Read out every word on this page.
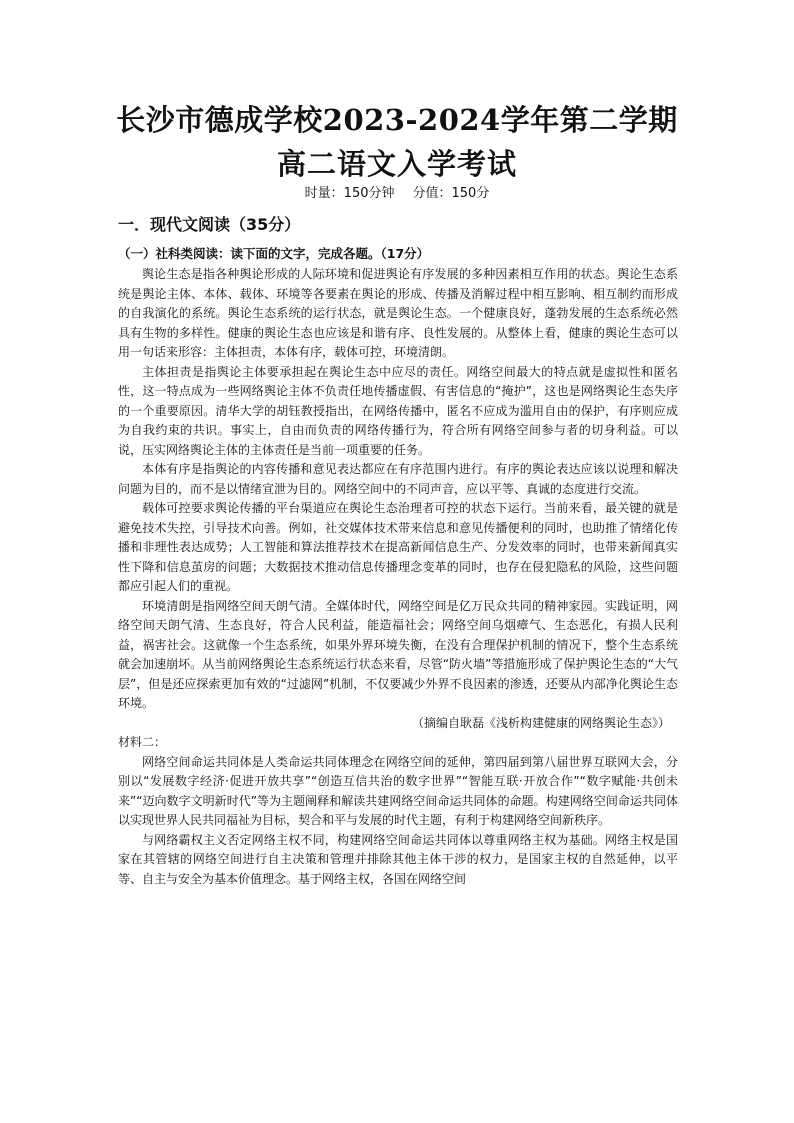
长沙市德成学校2023-2024学年第二学期
高二语文入学考试
时量：150分钟 分值：150分
一．现代文阅读（35分）
（一）社科类阅读：读下面的文字，完成各题。（17分）

舆论生态是指各种舆论形成的人际环境和促进舆论有序发展的多种因素相互作用的状态。舆论生态系统是舆论主体、本体、载体、环境等各要素在舆论的形成、传播及消解过程中相互影响、相互制约而形成的自我演化的系统。舆论生态系统的运行状态，就是舆论生态。一个健康良好，蓬勃发展的生态系统必然具有生物的多样性。健康的舆论生态也应该是和谐有序、良性发展的。从整体上看，健康的舆论生态可以用一句话来形容：主体担责，本体有序，载体可控，环境清朗。

主体担责是指舆论主体要承担起在舆论生态中应尽的责任。网络空间最大的特点就是虚拟性和匿名性，这一特点成为一些网络舆论主体不负责任地传播虚假、有害信息的“掩护”，这也是网络舆论生态失序的一个重要原因。清华大学的胡钰教授指出，在网络传播中，匿名不应成为滥用自由的保护，有序则应成为自我约束的共识。事实上，自由而负责的网络传播行为，符合所有网络空间参与者的切身利益。可以说，压实网络舆论主体的主体责任是当前一项重要的任务。

本体有序是指舆论的内容传播和意见表达都应在有序范围内进行。有序的舆论表达应该以说理和解决问题为目的，而不是以情绪宣泄为目的。网络空间中的不同声音，应以平等、真诚的态度进行交流。

载体可控要求舆论传播的平台渠道应在舆论生态治理者可控的状态下运行。当前来看，最关键的就是避免技术失控，引导技术向善。例如，社交媒体技术带来信息和意见传播便利的同时，也助推了情绪化传播和非理性表达成势；人工智能和算法推荐技术在提高新闻信息生产、分发效率的同时，也带来新闻真实性下降和信息茧房的问题；大数据技术推动信息传播理念变革的同时，也存在侵犯隐私的风险，这些问题都应引起人们的重视。

环境清朗是指网络空间天朗气清。全媒体时代，网络空间是亿万民众共同的精神家园。实践证明，网络空间天朗气清、生态良好，符合人民利益，能造福社会；网络空间乌烟瘴气、生态恶化，有损人民利益，祸害社会。这就像一个生态系统，如果外界环境失衡，在没有合理保护机制的情况下，整个生态系统就会加速崩坏。从当前网络舆论生态系统运行状态来看，尽管“防火墙”等措施形成了保护舆论生态的“大气层”，但是还应探索更加有效的“过滤网”机制，不仅要减少外界不良因素的渗透，还要从内部净化舆论生态环境。

（摘编自耿磊《浅析构建健康的网络舆论生态》）

材料二：

网络空间命运共同体是人类命运共同体理念在网络空间的延伸，第四届到第八届世界互联网大会，分别以“发展数字经济·促进开放共享”“创造互信共治的数字世界”“智能互联·开放合作”“数字赋能·共创未来”“迈向数字文明新时代”等为主题阐释和解读共建网络空间命运共同体的命题。构建网络空间命运共同体以实现世界人民共同福祉为目标，契合和平与发展的时代主题，有利于构建网络空间新秩序。

与网络霸权主义否定网络主权不同，构建网络空间命运共同体以尊重网络主权为基础。网络主权是国家在其管辖的网络空间进行自主决策和管理并排除其他主体干涉的权力，是国家主权的自然延伸，以平等、自主与安全为基本价值理念。基于网络主权，各国在网络空间
